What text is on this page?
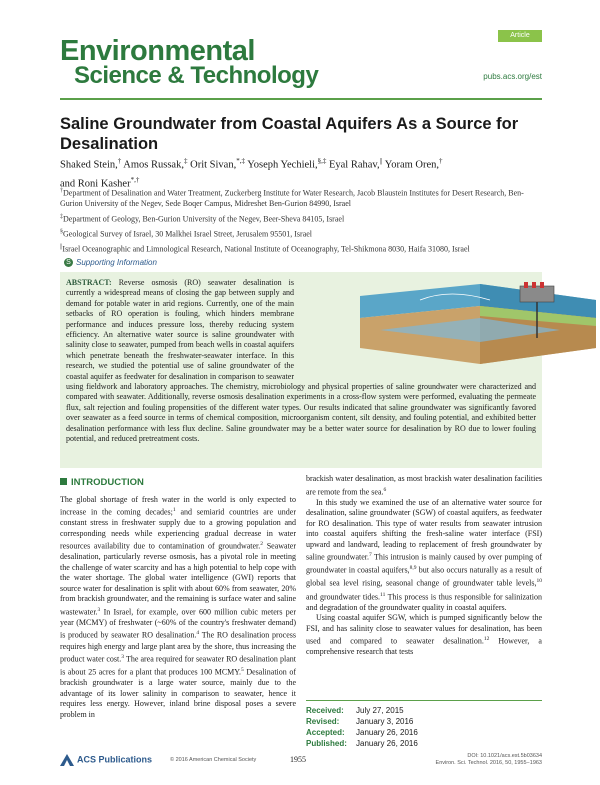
Environmental
Science & Technology
Article
pubs.acs.org/est
Saline Groundwater from Coastal Aquifers As a Source for Desalination
Shaked Stein,† Amos Russak,‡ Orit Sivan,*,‡ Yoseph Yechieli,§,‡ Eyal Rahav,|| Yoram Oren,†
and Roni Kasher*,†

†Department of Desalination and Water Treatment, Zuckerberg Institute for Water Research, Jacob Blaustein Institutes for Desert Research, Ben-Gurion University of the Negev, Sede Boqer Campus, Midreshet Ben-Gurion 84990, Israel

‡Department of Geology, Ben-Gurion University of the Negev, Beer-Sheva 84105, Israel

§Geological Survey of Israel, 30 Malkhei Israel Street, Jerusalem 95501, Israel

||Israel Oceanographic and Limnological Research, National Institute of Oceanography, Tel-Shikmona 8030, Haifa 31080, Israel

S Supporting Information
ABSTRACT: Reverse osmosis (RO) seawater desalination is currently a widespread means of closing the gap between supply and demand for potable water in arid regions. Currently, one of the main setbacks of RO operation is fouling, which hinders membrane performance and induces pressure loss, thereby reducing system efficiency. An alternative water source is saline groundwater with salinity close to seawater, pumped from beach wells in coastal aquifers which penetrate beneath the freshwater-seawater interface. In this research, we studied the potential use of saline groundwater of the coastal aquifer as feedwater for desalination in comparison to seawater using fieldwork and laboratory approaches. The chemistry, microbiology and physical properties of saline groundwater were characterized and compared with seawater. Additionally, reverse osmosis desalination experiments in a cross-flow system were performed, evaluating the permeate flux, salt rejection and fouling propensities of the different water types. Our results indicated that saline groundwater was significantly favored over seawater as a feed source in terms of chemical composition, microorganism content, silt density, and fouling potential, and exhibited better desalination performance with less flux decline. Saline groundwater may be a better water source for desalination by RO due to lower fouling potential, and reduced pretreatment costs.
INTRODUCTION

The global shortage of fresh water in the world is only expected to increase in the coming decades;$^1$ and semiarid countries are under constant stress in freshwater supply due to a growing population and corresponding needs while experiencing gradual decrease in water resources availability due to contamination of groundwater.$^2$ Seawater desalination, particularly reverse osmosis, has a pivotal role in meeting the challenge of water scarcity and has a high potential to help cope with the water shortage. The global water intelligence (GWI) reports that source water for desalination is split with about 60% from seawater, 20% from brackish groundwater, and the remaining is surface water and saline wastewater.$^3$ In Israel, for example, over 600 million cubic meters per year (MCMY) of freshwater (~60% of the country's freshwater demand) is produced by seawater RO desalination.$^4$ The RO desalination process requires high energy and large plant area by the shore, thus increasing the product water cost.$^3$ The area required for seawater RO desalination plant is about 25 acres for a plant that produces 100 MCMY.$^5$ Desalination of brackish groundwater is a large water source, mainly due to the advantage of its lower salinity in comparison to seawater, hence it requires less energy. However, inland brine disposal poses a severe problem in

brackish water desalination, as most brackish water desalination facilities are remote from the sea.$^6$

In this study we examined the use of an alternative water source for desalination, saline groundwater (SGW) of coastal aquifers, as feedwater for RO desalination. This type of water results from seawater intrusion into coastal aquifers shifting the fresh-saline water interface (FSI) upward and landward, leading to replacement of fresh groundwater by saline groundwater.$^7$ This intrusion is mainly caused by over pumping of groundwater in coastal aquifers,$^{8,9}$ but also occurs naturally as a result of global sea level rising, seasonal change of groundwater table levels,$^{10}$ and groundwater tides.$^{11}$ This process is thus responsible for salinization and degradation of the groundwater quality in coastal aquifers.

Using coastal aquifer SGW, which is pumped significantly below the FSI, and has salinity close to seawater values for desalination, has been used and compared to seawater desalination.$^{12}$ However, a comprehensive research that tests

Received:	July 27, 2015
Revised:	January 3, 2016
Accepted:	January 26, 2016
Published:	January 26, 2016
ACS Publications	© 2016 American Chemical Society	1955	DOI: 10.1021/acs.est.5b03634
Environ. Sci. Technol. 2016, 50, 1955−1963
